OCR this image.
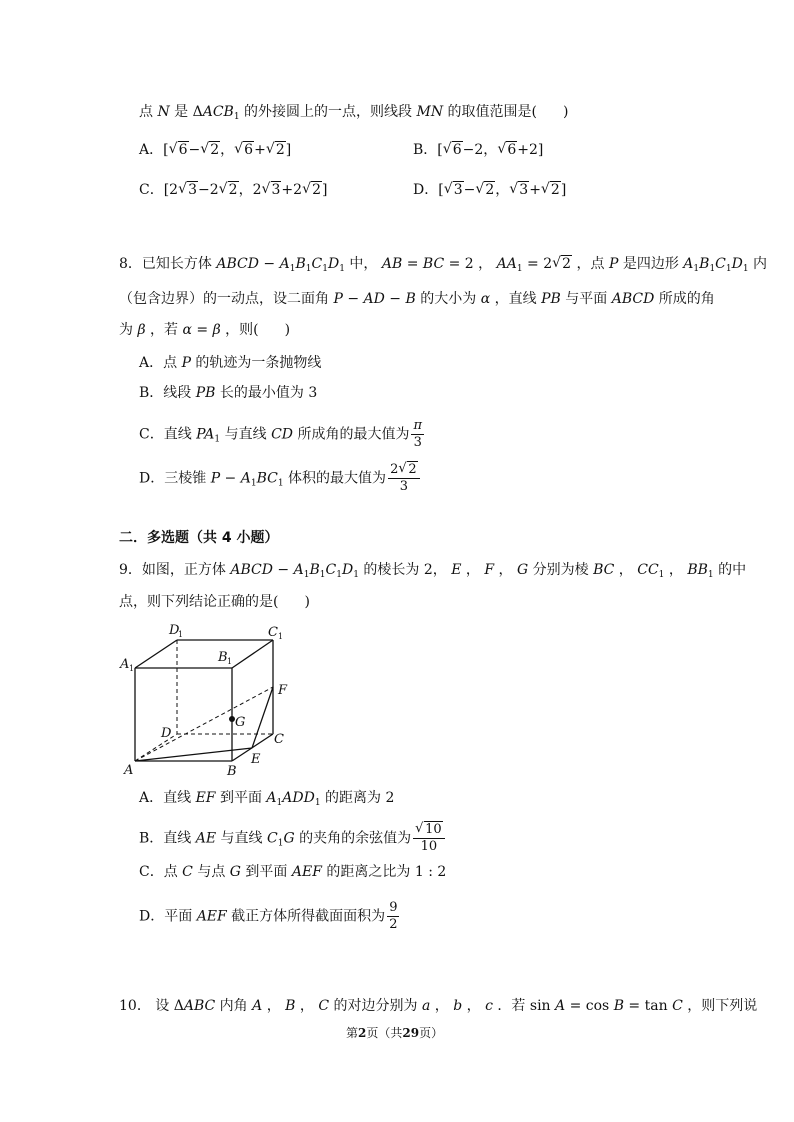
点 N 是 $\Delta ACB_1$ 的外接圆上的一点，则线段 MN 的取值范围是( )
A．[√ 6−√ 2，√ 6+√ 2]	B．[√ 6−2，√ 6+2]
C．[2√ 3−2√ 2，2√ 3+2√ 2]	D．[√ 3−√ 2，√ 3+√ 2]
8．已知长方体 ABCD − $A_1B_1C_1D_1$ 中， AB = BC = 2 ， $AA_1 = 2√$ 2 ，点 P 是四边形 $A_1B_1C_1D_1$ 内
（包含边界）的一动点，设二面角 P − AD − B 的大小为 α ，直线 PB 与平面 ABCD 所成的角
为 β ，若 α = β ，则( )
A．点 P 的轨迹为一条抛物线
B．线段 PB 长的最小值为 3
C．直线 $PA_1$ 与直线 CD 所成角的最大值为 $\frac{\pi}{3}$
D．三棱锥 $P - A_1BC_1$ 体积的最大值为 $\frac{2√ 2}{3}$
二．多选题（共 4 小题）
9．如图，正方体 ABCD − $A_1B_1C_1D_1$ 的棱长为 2， E ， F ， G 分别为棱 BC ， $CC_1$ ， $BB_1$ 的中
点，则下列结论正确的是( )
D
1	C 1
A 1
B 1
F
G
D	C
A	B
E
A．直线 EF 到平面 $A_1ADD_1$ 的距离为 2
B．直线 AE 与直线 $C_1G$ 的夹角的余弦值为
√ $\frac{10}{10}$
C．点 C 与点 G 到平面 AEF 的距离之比为 1 : 2
D．平面 AEF 截正方体所得截面面积为 $\frac{9}{2}$
10． 设 ΔABC 内角 A ， B ， C 的对边分别为 a ， b ， c ．若 sin A = cos B = tan C ，则下列说
第2页（共29页）
